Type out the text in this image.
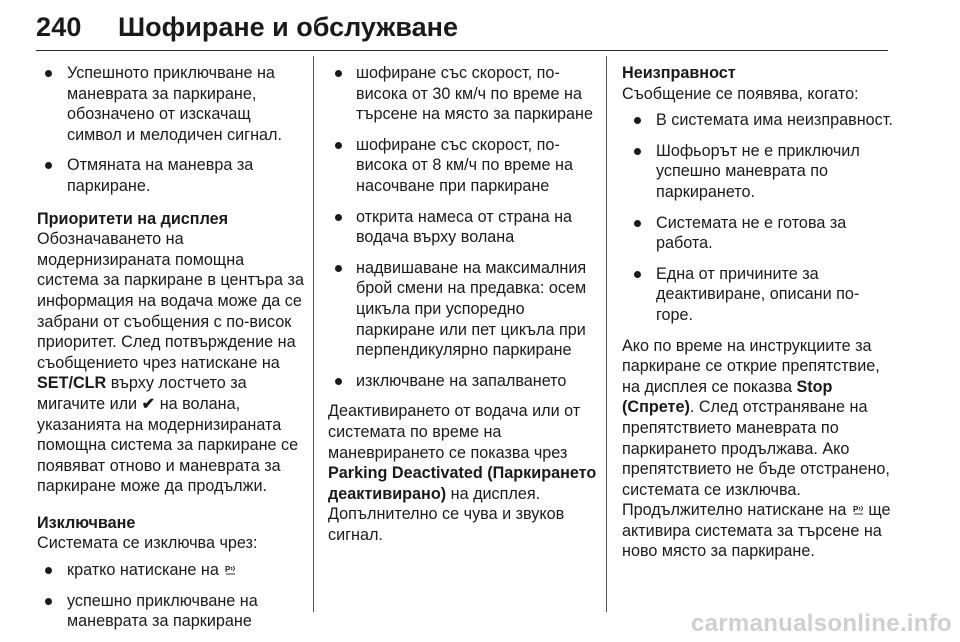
240 Шофиране и обслужване
Успешното приключване на маневрата за паркиране, обозначено от изскачащ символ и мелодичен сигнал.
Отмяната на маневра за паркиране.

Приоритети на дисплея

Обозначаването на модернизираната помощна система за паркиране в центъра за информация на водача може да се забрани от съобщения с по-висок приоритет. След потвърждение на съобщението чрез натискане на SET/CLR върху лостчето за мигачите или ✔ на волана, указанията на модернизираната помощна система за паркиране се появяват отново и маневрата за паркиране може да продължи.

Изключване

Системата се изключва чрез:

кратко натискане на P
успешно приключване на маневрата за паркиране
шофиране със скорост, по-висока от 30 км/ч по време на търсене на място за паркиране
шофиране със скорост, по-висока от 8 км/ч по време на насочване при паркиране
открита намеса от страна на водача върху волана
надвишаване на максималния брой смени на предавка: осем цикъла при успоредно паркиране или пет цикъла при перпендикулярно паркиране
изключване на запалването

Деактивирането от водача или от системата по време на маневрирането се показва чрез Parking Deactivated (Паркирането деактивирано) на дисплея.

Допълнително се чува и звуков сигнал.

Неизправност

Съобщение се появява, когато:

В системата има неизправност.
Шофьорът не е приключил успешно маневрата по паркирането.
Системата не е готова за работа.
Една от причините за деактивиране, описани по-горе.

Ако по време на инструкциите за паркиране се открие препятствие, на дисплея се показва Stop (Спрете). След отстраняване на препятствието маневрата по паркирането продължава. Ако препятствието не бъде отстранено, системата се изключва. Продължително натискане на P ще активира системата за търсене на ново място за паркиране.

carmanualsonline.info
